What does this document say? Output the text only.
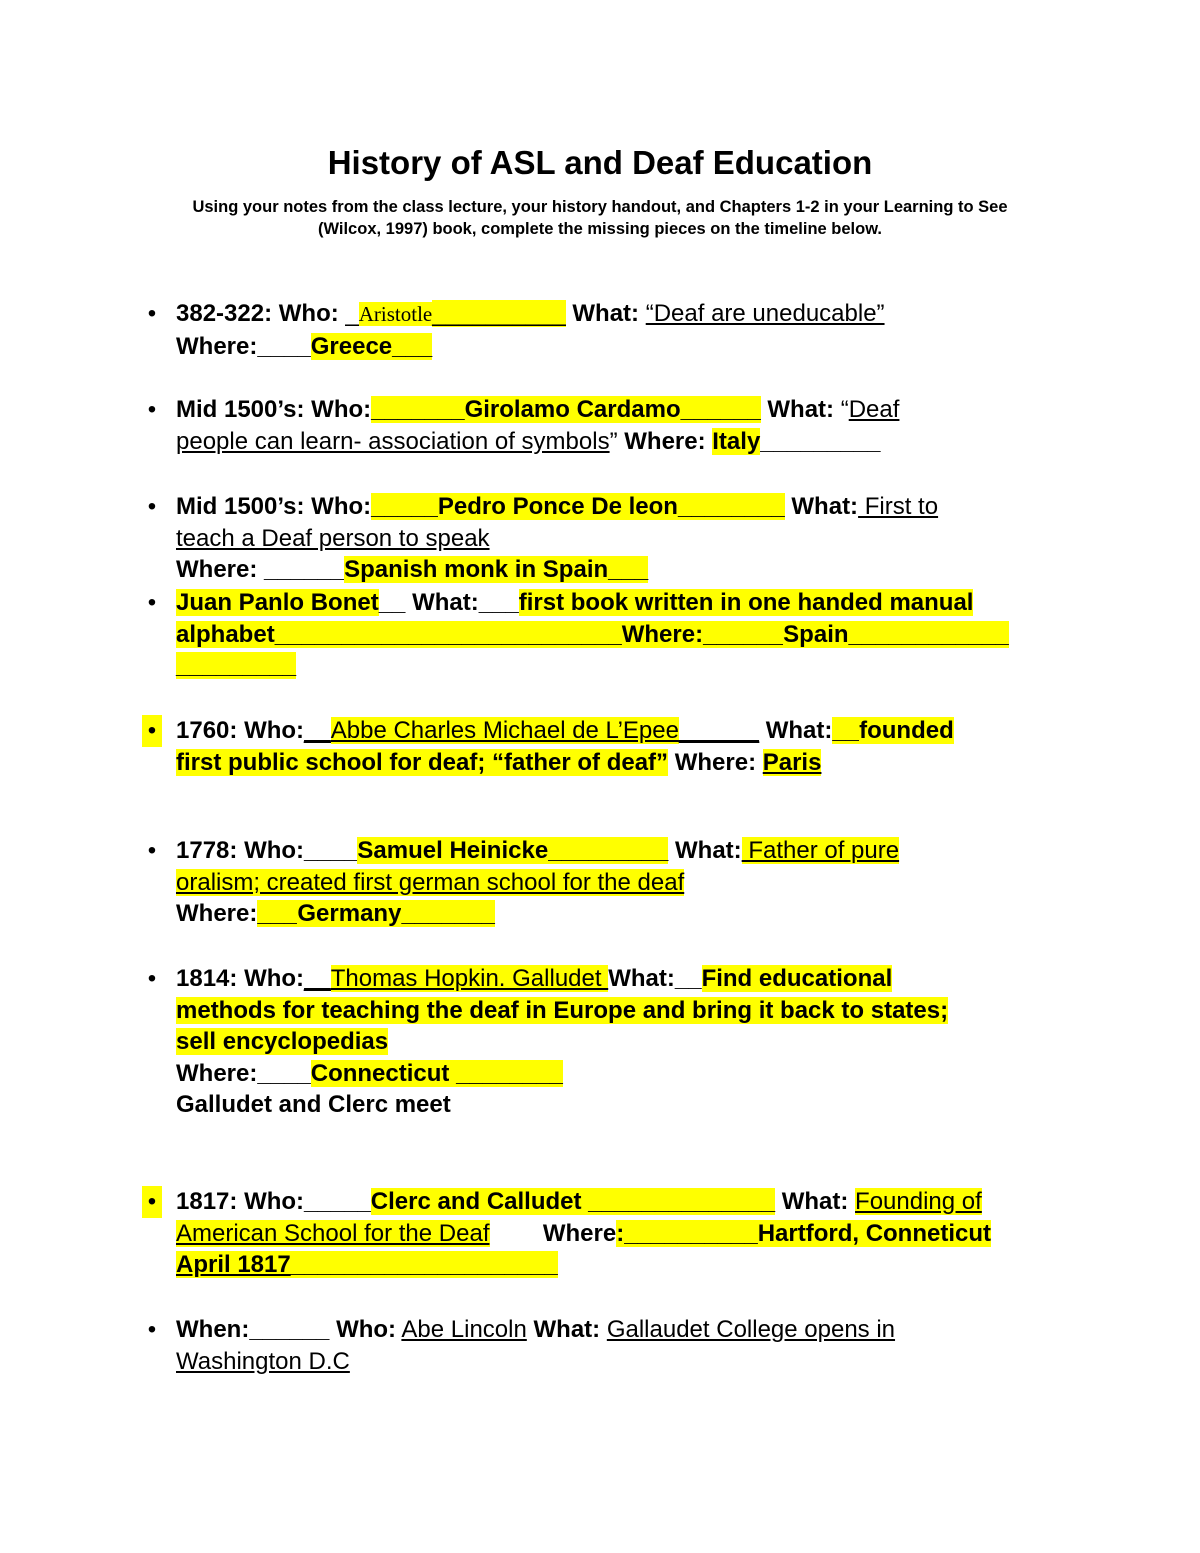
History of ASL and Deaf Education
Using your notes from the class lecture, your history handout, and Chapters 1-2 in your Learning to See
(Wilcox, 1997) book, complete the missing pieces on the timeline below.
• 382-322: Who: _Aristotle__________ What: “Deaf are uneducable”
Where:____Greece___
• Mid 1500’s: Who:_______Girolamo Cardamo______ What: “Deaf
people can learn- association of symbols” Where: Italy_________
• Mid 1500’s: Who:_____Pedro Ponce De leon________ What: First to
teach a Deaf person to speak
Where: ______Spanish monk in Spain___
• Juan Panlo Bonet__ What:___first book written in one handed manual
alphabet__________________________Where:______Spain____________
_________
• 1760: Who:__Abbe Charles Michael de L’Epee______ What:__founded
first public school for deaf; “father of deaf” Where: Paris
• 1778: Who:____Samuel Heinicke_________ What: Father of pure
oralism; created first german school for the deaf
Where:___Germany_______
• 1814: Who:__Thomas Hopkin. Galludet What:__Find educational
methods for teaching the deaf in Europe and bring it back to states;
sell encyclopedias
Where:____Connecticut ________
Galludet and Clerc meet
• 1817: Who:_____Clerc and Calludet ______________ What: Founding of
American School for the Deaf Where:__________Hartford, Conneticut
April 1817____________________
• When:______ Who: Abe Lincoln What: Gallaudet College opens in
Washington D.C
